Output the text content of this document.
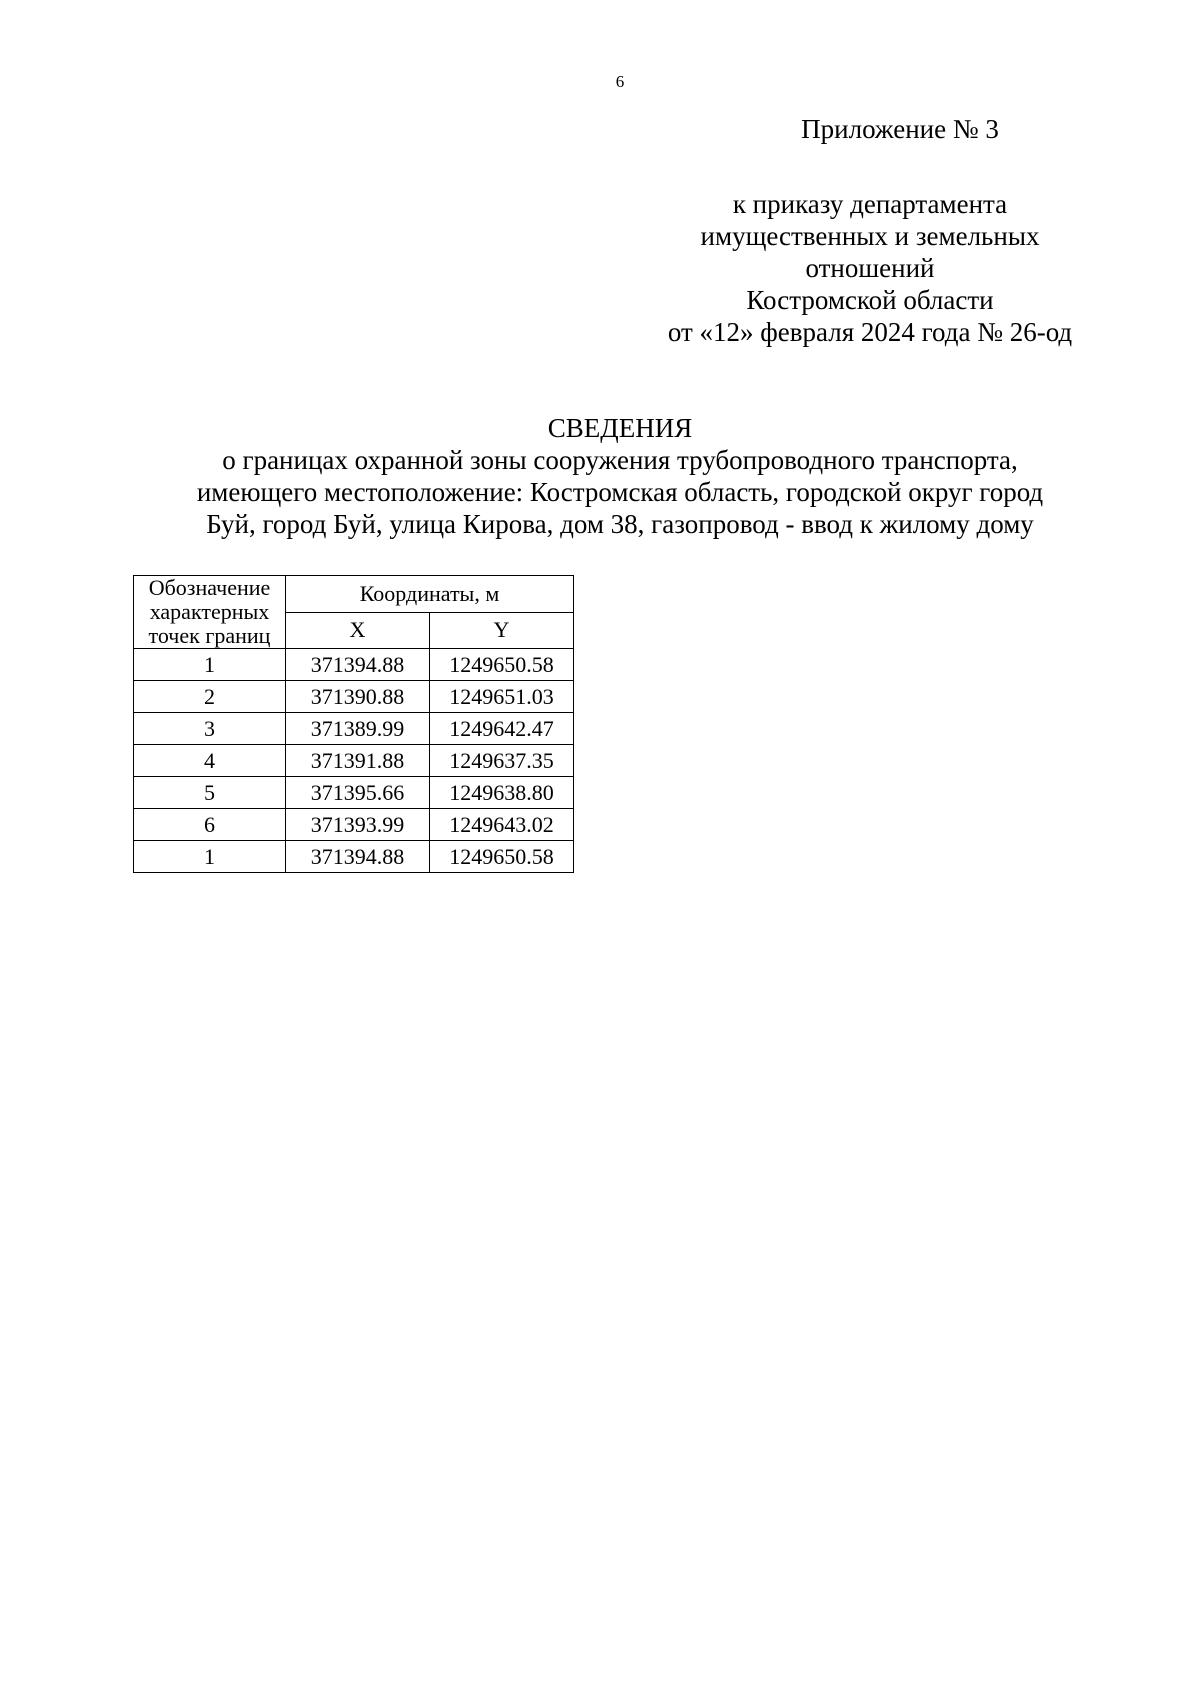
6
Приложение № 3
к приказу департамента
имущественных и земельных
отношений
Костромской области
от «12» февраля 2024 года № 26-од
СВЕДЕНИЯ
о границах охранной зоны сооружения трубопроводного транспорта,
имеющего местоположение: Костромская область, городской округ город
Буй, город Буй, улица Кирова, дом 38, газопровод - ввод к жилому дому
Обозначение
характерных
точек границ	Координаты, м	
	X	Y
1	371394.88	1249650.58
2	371390.88	1249651.03
3	371389.99	1249642.47
4	371391.88	1249637.35
5	371395.66	1249638.80
6	371393.99	1249643.02
1	371394.88	1249650.58
